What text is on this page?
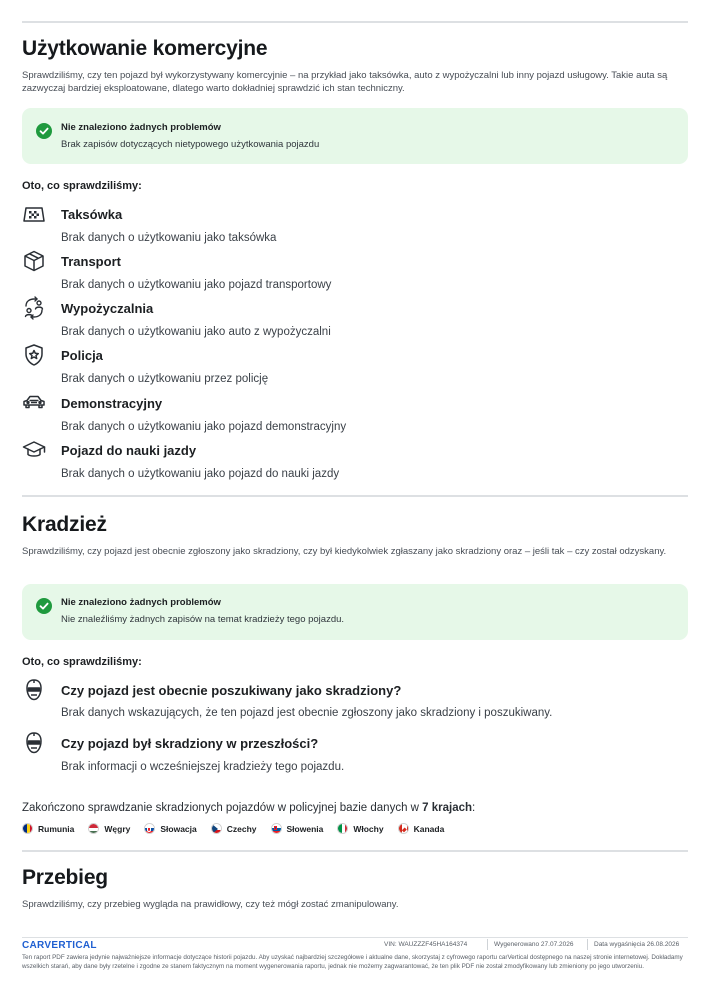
Użytkowanie komercyjne
Sprawdziliśmy, czy ten pojazd był wykorzystywany komercyjnie – na przykład jako taksówka, auto z wypożyczalni lub inny pojazd usługowy. Takie auta są zazwyczaj bardziej eksploatowane, dlatego warto dokładniej sprawdzić ich stan techniczny.
Nie znaleziono żadnych problemów
Brak zapisów dotyczących nietypowego użytkowania pojazdu
Oto, co sprawdziliśmy:
Taksówka
Brak danych o użytkowaniu jako taksówka
Transport
Brak danych o użytkowaniu jako pojazd transportowy
Wypożyczalnia
Brak danych o użytkowaniu jako auto z wypożyczalni
Policja
Brak danych o użytkowaniu przez policję
Demonstracyjny
Brak danych o użytkowaniu jako pojazd demonstracyjny
Pojazd do nauki jazdy
Brak danych o użytkowaniu jako pojazd do nauki jazdy
Kradzież
Sprawdziliśmy, czy pojazd jest obecnie zgłoszony jako skradziony, czy był kiedykolwiek zgłaszany jako skradziony oraz – jeśli tak – czy został odzyskany.
Nie znaleziono żadnych problemów
Nie znaleźliśmy żadnych zapisów na temat kradzieży tego pojazdu.
Oto, co sprawdziliśmy:
Czy pojazd jest obecnie poszukiwany jako skradziony?
Brak danych wskazujących, że ten pojazd jest obecnie zgłoszony jako skradziony i poszukiwany.
Czy pojazd był skradziony w przeszłości?
Brak informacji o wcześniejszej kradzieży tego pojazdu.
Zakończono sprawdzanie skradzionych pojazdów w policyjnej bazie danych w 7 krajach:
Rumunia	Węgry	Słowacja	Czechy	Słowenia	Włochy	Kanada
Przebieg
Sprawdziliśmy, czy przebieg wygląda na prawidłowy, czy też mógł zostać zmanipulowany.
CARVERTICAL	VIN: WAUZZZF45HA164374	Wygenerowano 27.07.2026	Data wygaśnięcia 26.08.2026
Ten raport PDF zawiera jedynie najważniejsze informacje dotyczące historii pojazdu. Aby uzyskać najbardziej szczegółowe i aktualne dane, skorzystaj z cyfrowego raportu carVertical dostępnego na naszej stronie internetowej. Dokładamy wszelkich starań, aby dane były rzetelne i zgodne ze stanem faktycznym na moment wygenerowania raportu, jednak nie możemy zagwarantować, że ten plik PDF nie został zmodyfikowany lub zmieniony po jego utworzeniu.
